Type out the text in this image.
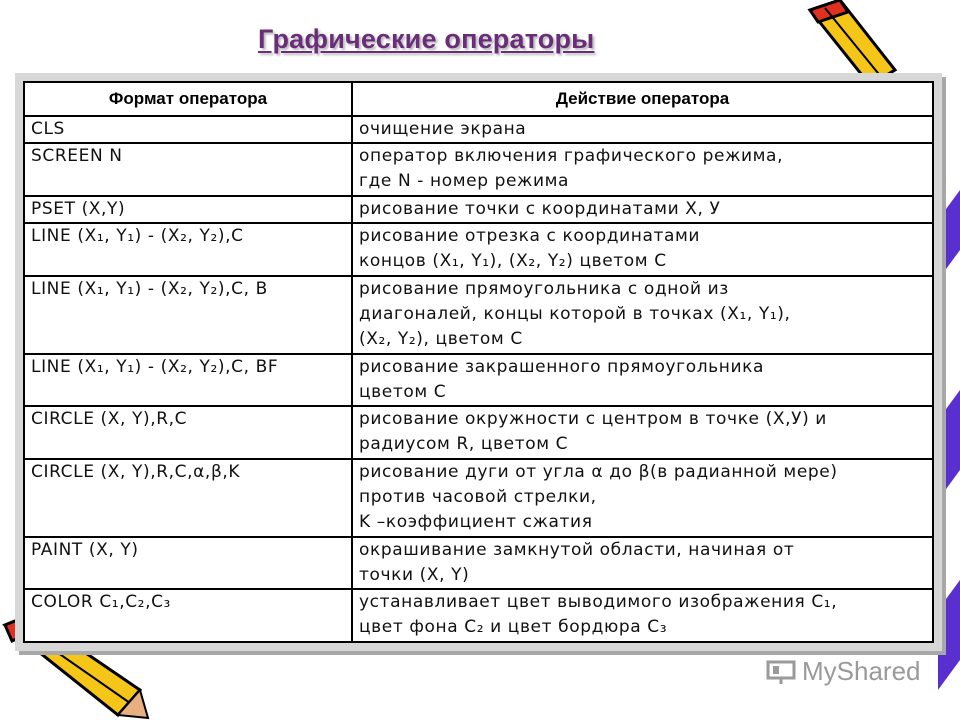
Графические операторы
Формат оператора	Действие оператора

CLS	очищение экрана

SCREEN N	оператор включения графического режима,
где N - номер режима

PSET (X,Y)	рисование точки с координатами X, У

LINE (X₁, Y₁) - (X₂, Y₂),C	рисование отрезка с координатами
концов (X₁, Y₁), (X₂, Y₂) цветом C

LINE (X₁, Y₁) - (X₂, Y₂),C, B	рисование прямоугольника с одной из
диагоналей, концы которой в точках (X₁, Y₁),
(X₂, Y₂), цветом C

LINE (X₁, Y₁) - (X₂, Y₂),C, BF	рисование закрашенного прямоугольника
цветом C

CIRCLE (X, Y),R,C	рисование окружности с центром в точке (X,У) и
радиусом R, цветом C

CIRCLE (X, Y),R,C,α,β,K	рисование дуги от угла α до β(в радианной мере)
против часовой стрелки,
K –коэффициент сжатия

PAINT (X, Y)	окрашивание замкнутой области, начиная от
точки (X, Y)

COLOR C₁,C₂,C₃	устанавливает цвет выводимого изображения C₁,
цвет фона C₂ и цвет бордюра C₃
MyShared
